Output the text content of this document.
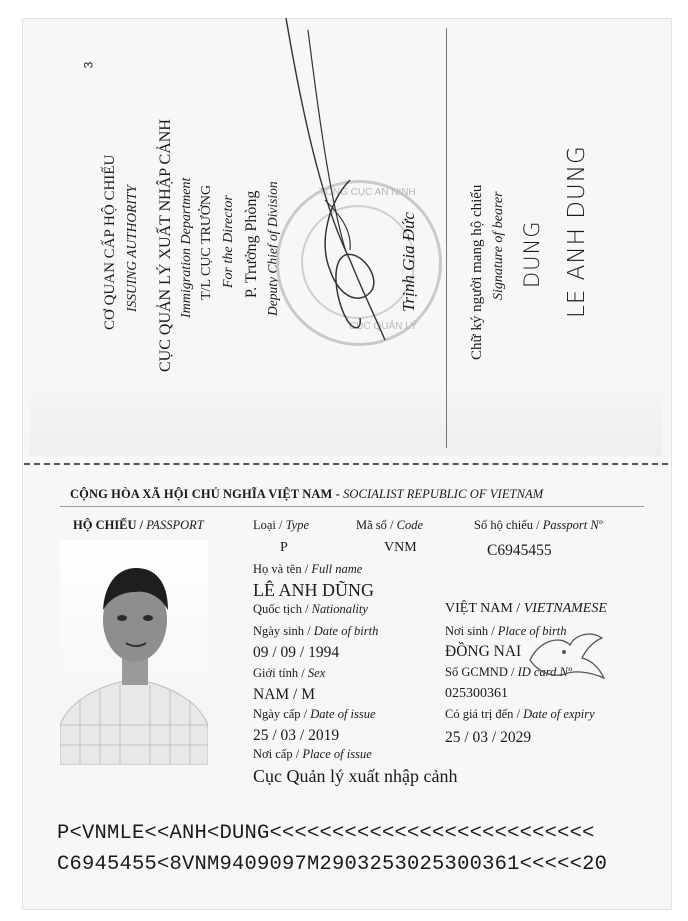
3
CƠ QUAN CẤP HỘ CHIẾU ISSUING AUTHORITY CỤC QUẢN LÝ XUẤT NHẬP CẢNH Immigration Department T/L CỤC TRƯỞNG For the Director P. Trưởng Phòng Deputy Chief of Division	TỔNG CỤC AN NINH
CỤC QUẢN LÝ
Trịnh Gia Đức	Chữ ký người mang hộ chiếu Signature of bearer DUNG LE ANH DUNG
CỘNG HÒA XÃ HỘI CHỦ NGHĨA VIỆT NAM - SOCIALIST REPUBLIC OF VIETNAM
HỘ CHIẾU / PASSPORT	Loại / Type
P
Mã số / Code
VNM
Số hộ chiếu / Passport Nº
C6945455
Họ và tên / Full name
LÊ ANH DŨNG
Quốc tịch / Nationality	VIỆT NAM / VIETNAMESE
Ngày sinh / Date of birth
09 / 09 / 1994
Nơi sinh / Place of birth
ĐỒNG NAI
Giới tính / Sex
NAM / M
Số GCMND / ID card Nº
025300361
Ngày cấp / Date of issue
25 / 03 / 2019
Có giá trị đến / Date of expiry
25 / 03 / 2029
Nơi cấp / Place of issue
Cục Quản lý xuất nhập cảnh
P<VNMLE<<ANH<DUNG<<<<<<<<<<<<<<<<<<<<<<<<<<
C6945455<8VNM9409097M2903253025300361<<<<<20
